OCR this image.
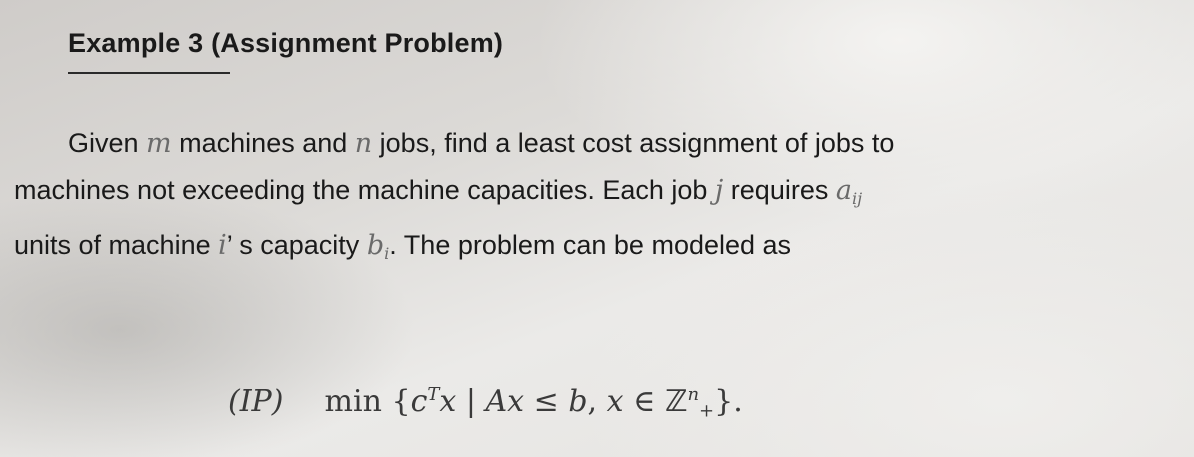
Example 3 (Assignment Problem)
Given m machines and n jobs, find a least cost assignment of jobs to
machines not exceeding the machine capacities. Each job j requires $a_{ij}$
units of machine i’ s capacity $b_i$. The problem can be modeled as
(IP) $\min \{c^Tx$ | Ax ≤ b, x ∈ ℤ$^n_+$}.
